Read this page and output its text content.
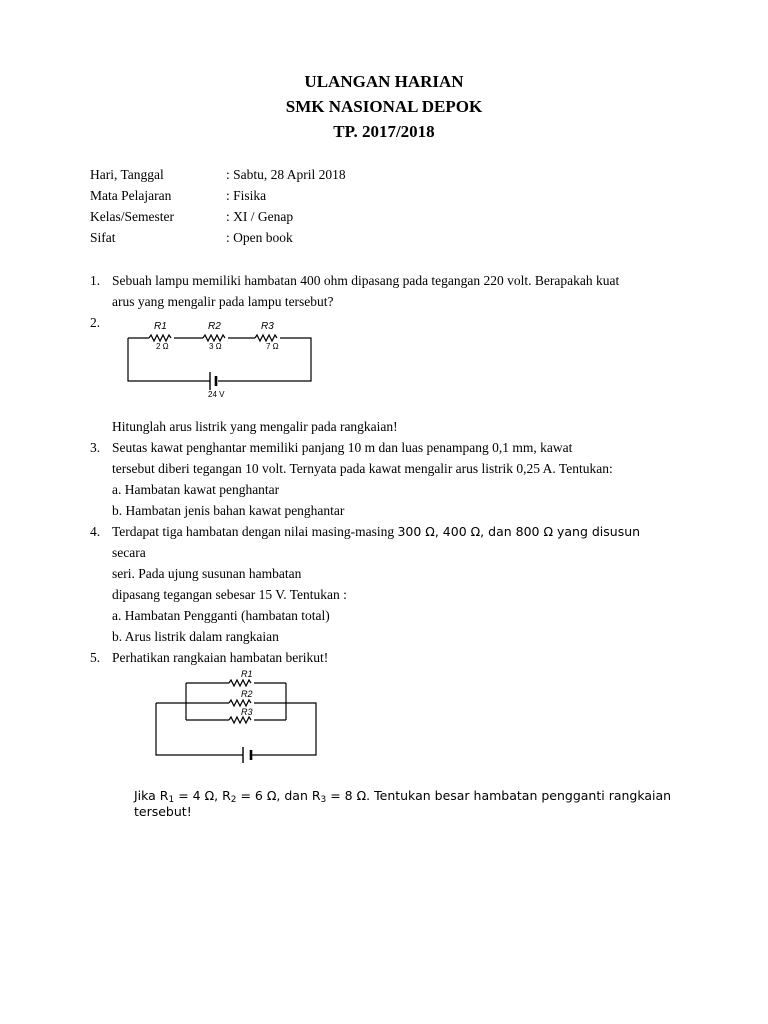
ULANGAN HARIAN
SMK NASIONAL DEPOK
TP. 2017/2018
Hari, Tanggal	: Sabtu, 28 April 2018
Mata Pelajaran	: Fisika
Kelas/Semester	: XI / Genap
Sifat	: Open book
1. Sebuah lampu memiliki hambatan 400 ohm dipasang pada tegangan 220 volt. Berapakah kuat
arus yang mengalir pada lampu tersebut?
2.	R1
2 Ω
R2
3 Ω
R3
7 Ω
24 V
Hitunglah arus listrik yang mengalir pada rangkaian!
3. Seutas kawat penghantar memiliki panjang 10 m dan luas penampang 0,1 mm, kawat
tersebut diberi tegangan 10 volt. Ternyata pada kawat mengalir arus listrik 0,25 A. Tentukan:
a. Hambatan kawat penghantar
b. Hambatan jenis bahan kawat penghantar
4. Terdapat tiga hambatan dengan nilai masing-masing 300 Ω, 400 Ω, dan 800 Ω yang disusun
secara
seri. Pada ujung susunan hambatan
dipasang tegangan sebesar 15 V. Tentukan :
a. Hambatan Pengganti (hambatan total)
b. Arus listrik dalam rangkaian
5. Perhatikan rangkaian hambatan berikut!
R1
R2
R3
Jika $R_1 = 4$ Ω, $R_2 = 6$ Ω, dan $R_3 = 8$ Ω. Tentukan besar hambatan pengganti rangkaian
tersebut!
